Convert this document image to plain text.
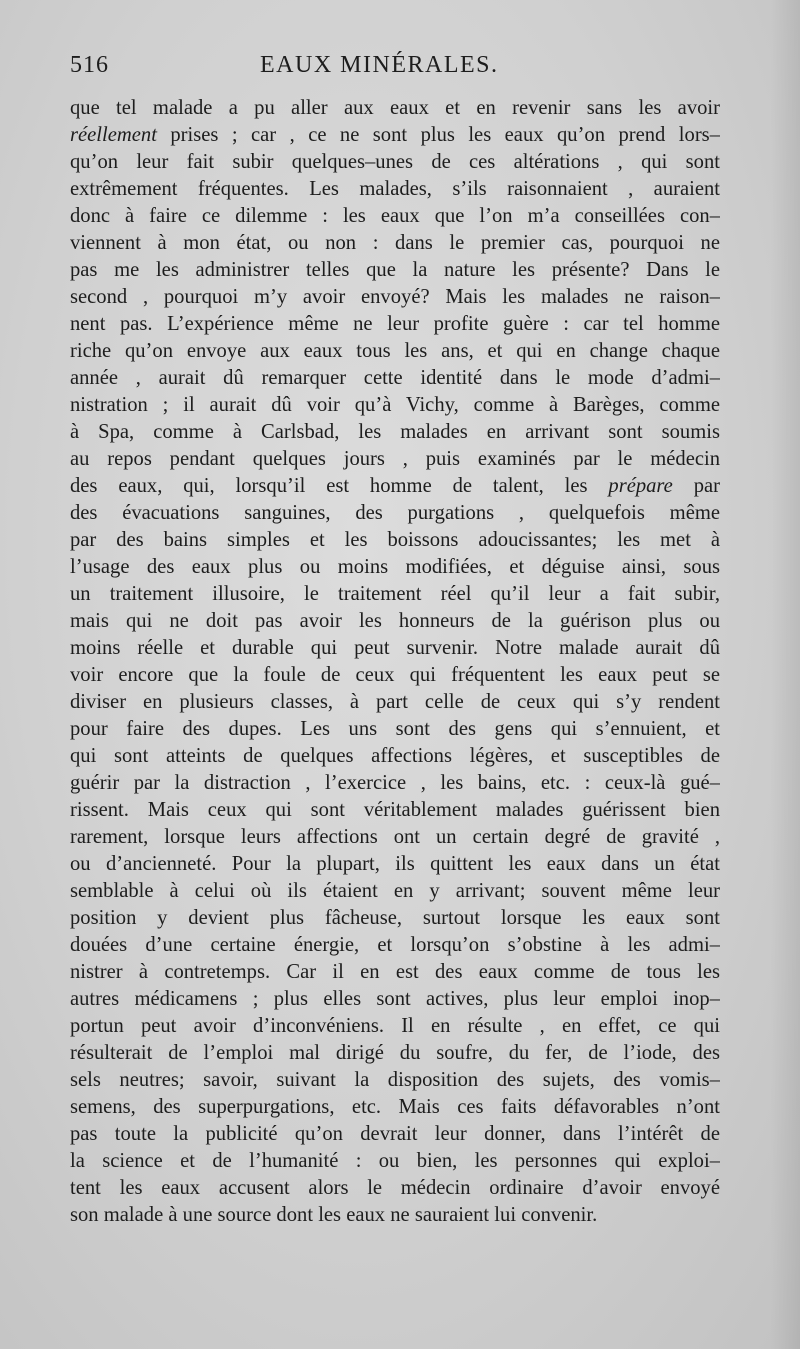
516	EAUX MINÉRALES.
que tel malade a pu aller aux eaux et en revenir sans les avoir
réellement prises ; car , ce ne sont plus les eaux qu’on prend lors–
qu’on leur fait subir quelques–unes de ces altérations , qui sont
extrêmement fréquentes. Les malades, s’ils raisonnaient , auraient
donc à faire ce dilemme : les eaux que l’on m’a conseillées con–
viennent à mon état, ou non : dans le premier cas, pourquoi ne
pas me les administrer telles que la nature les présente? Dans le
second , pourquoi m’y avoir envoyé? Mais les malades ne raison–
nent pas. L’expérience même ne leur profite guère : car tel homme
riche qu’on envoye aux eaux tous les ans, et qui en change chaque
année , aurait dû remarquer cette identité dans le mode d’admi–
nistration ; il aurait dû voir qu’à Vichy, comme à Barèges, comme
à Spa, comme à Carlsbad, les malades en arrivant sont soumis
au repos pendant quelques jours , puis examinés par le médecin
des eaux, qui, lorsqu’il est homme de talent, les prépare par
des évacuations sanguines, des purgations , quelquefois même
par des bains simples et les boissons adoucissantes; les met à
l’usage des eaux plus ou moins modifiées, et déguise ainsi, sous
un traitement illusoire, le traitement réel qu’il leur a fait subir,
mais qui ne doit pas avoir les honneurs de la guérison plus ou
moins réelle et durable qui peut survenir. Notre malade aurait dû
voir encore que la foule de ceux qui fréquentent les eaux peut se
diviser en plusieurs classes, à part celle de ceux qui s’y rendent
pour faire des dupes. Les uns sont des gens qui s’ennuient, et
qui sont atteints de quelques affections légères, et susceptibles de
guérir par la distraction , l’exercice , les bains, etc. : ceux-là gué–
rissent. Mais ceux qui sont véritablement malades guérissent bien
rarement, lorsque leurs affections ont un certain degré de gravité ,
ou d’ancienneté. Pour la plupart, ils quittent les eaux dans un état
semblable à celui où ils étaient en y arrivant; souvent même leur
position y devient plus fâcheuse, surtout lorsque les eaux sont
douées d’une certaine énergie, et lorsqu’on s’obstine à les admi–
nistrer à contretemps. Car il en est des eaux comme de tous les
autres médicamens ; plus elles sont actives, plus leur emploi inop–
portun peut avoir d’inconvéniens. Il en résulte , en effet, ce qui
résulterait de l’emploi mal dirigé du soufre, du fer, de l’iode, des
sels neutres; savoir, suivant la disposition des sujets, des vomis–
semens, des superpurgations, etc. Mais ces faits défavorables n’ont
pas toute la publicité qu’on devrait leur donner, dans l’intérêt de
la science et de l’humanité : ou bien, les personnes qui exploi–
tent les eaux accusent alors le médecin ordinaire d’avoir envoyé
son malade à une source dont les eaux ne sauraient lui convenir.
